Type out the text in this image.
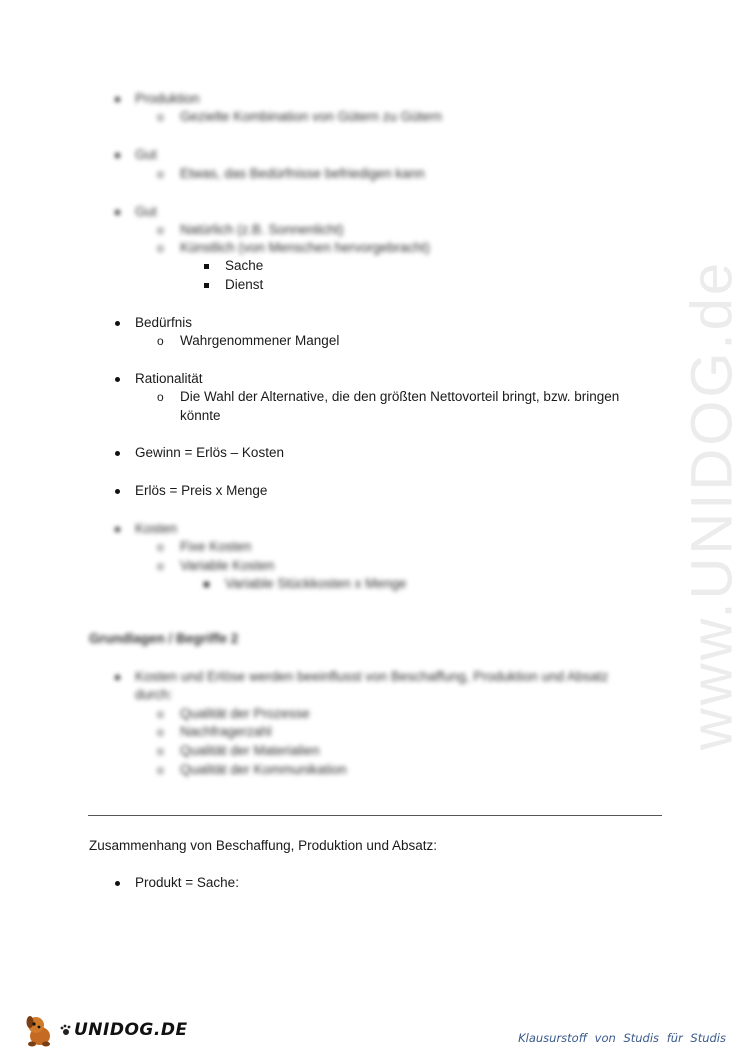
www.UNIDOG.de
Produktion
o Gezielte Kombination von Gütern zu Gütern
Gut
o Etwas, das Bedürfnisse befriedigen kann
Gut
o Natürlich (z.B. Sonnenlicht)
o Künstlich (von Menschen hervorgebracht)
Sache
Dienst
Bedürfnis
o Wahrgenommener Mangel
Rationalität
o Die Wahl der Alternative, die den größten Nettovorteil bringt, bzw. bringen
könnte
Gewinn = Erlös – Kosten
Erlös = Preis x Menge
Kosten
o Fixe Kosten
o Variable Kosten
Variable Stückkosten x Menge
Grundlagen / Begriffe 2
Kosten und Erlöse werden beeinflusst von Beschaffung, Produktion und Absatz
durch:
o Qualität der Prozesse
o Nachfragerzahl
o Qualität der Materialien
o Qualität der Kommunikation
Zusammenhang von Beschaffung, Produktion und Absatz:
Produkt = Sache:
UNIDOG.DE	Klausurstoff von Studis für Studis
